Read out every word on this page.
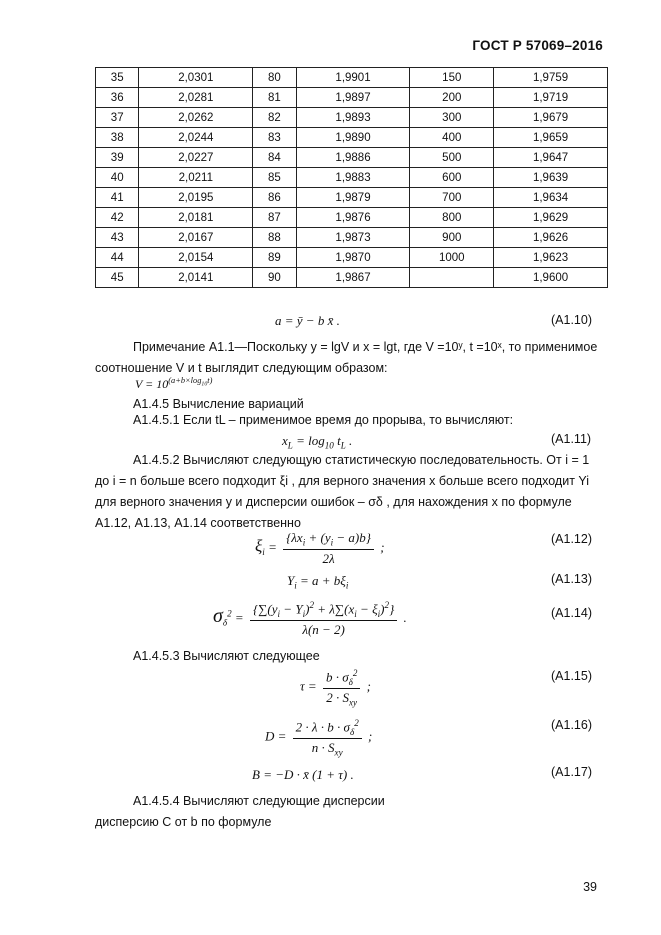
ГОСТ Р 57069–2016
35	2,0301	80	1,9901	150	1,9759
36	2,0281	81	1,9897	200	1,9719
37	2,0262	82	1,9893	300	1,9679
38	2,0244	83	1,9890	400	1,9659
39	2,0227	84	1,9886	500	1,9647
40	2,0211	85	1,9883	600	1,9639
41	2,0195	86	1,9879	700	1,9634
42	2,0181	87	1,9876	800	1,9629
43	2,0167	88	1,9873	900	1,9626
44	2,0154	89	1,9870	1000	1,9623
45	2,0141	90	1,9867		1,9600
a = ȳ − b x̄ .	(A1.10)
Примечание А1.1—Поскольку y = lgV и x = lgt, где V =10ʸ, t =10ˣ, то применимое соотношение V и t выглядит следующим образом:
$V = 10^{(a+b\times log_{10}t)}$
А1.4.5 Вычисление вариаций
А1.4.5.1 Если tL – применимое время до прорыва, то вычисляют:
$x_L = \log_{10} t_L$ .	(A1.11)
А1.4.5.2 Вычисляют следующую статистическую последовательность. От i = 1 до i = n больше всего подходит ξi , для верного значения x больше всего подходит Yi для верного значения y и дисперсии ошибок – σδ , для нахождения x по формуле А1.12, А1.13, А1.14 соответственно
$\xi_i = \frac{\{\lambda x_i + (y_i - a)b\}}{2\lambda}$ ;
(A1.12)
$Y_i = a + b\xi_i$	(A1.13)
$\sigma_\delta^2 = \frac{\{\sum(y_i - Y_i)^2 + \lambda\sum(x_i - \xi_i)^2\}}{\lambda(n - 2)}$ .	(A1.14)
А1.4.5.3 Вычисляют следующее
$\tau = \frac{b \cdot \sigma_\delta^2}{2 \cdot S_{xy}}$ ;
(A1.15)
$D = \frac{2 \cdot \lambda \cdot b \cdot \sigma_\delta^2}{n \cdot S_{xy}}$ ;
(A1.16)
B = −D · x̄ (1 + τ) .	(A1.17)
А1.4.5.4 Вычисляют следующие дисперсии
дисперсию C от b по формуле
39
